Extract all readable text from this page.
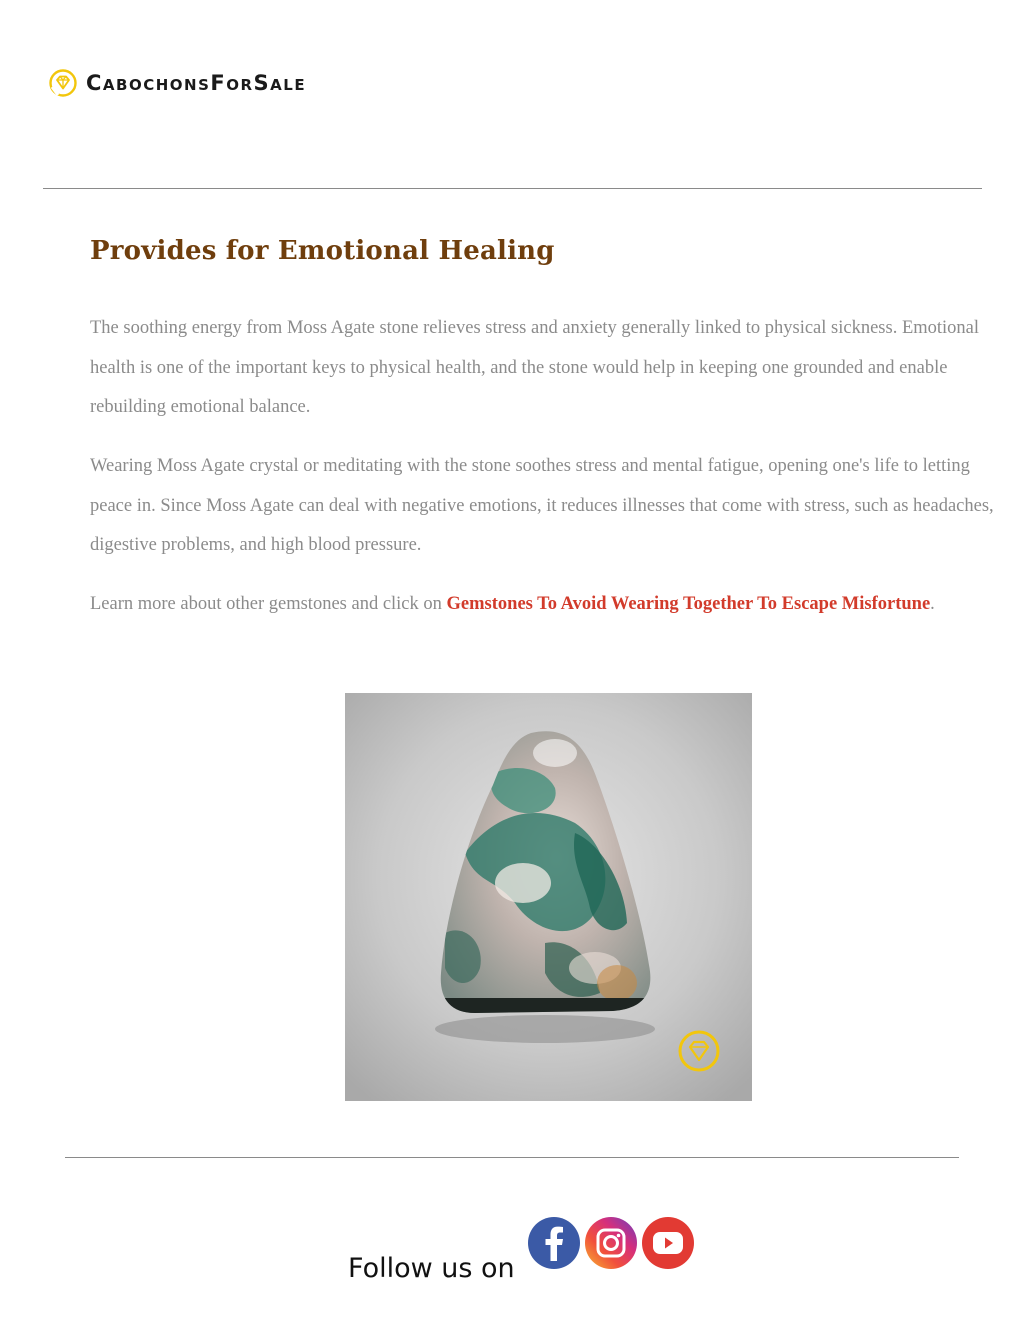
CabochonsForSale
Provides for Emotional Healing

The soothing energy from Moss Agate stone relieves stress and anxiety generally linked to physical sickness. Emotional health is one of the important keys to physical health, and the stone would help in keeping one grounded and enable rebuilding emotional balance.

Wearing Moss Agate crystal or meditating with the stone soothes stress and mental fatigue, opening one's life to letting peace in. Since Moss Agate can deal with negative emotions, it reduces illnesses that come with stress, such as headaches, digestive problems, and high blood pressure.

Learn more about other gemstones and click on Gemstones To Avoid Wearing Together To Escape Misfortune.

Follow us on
